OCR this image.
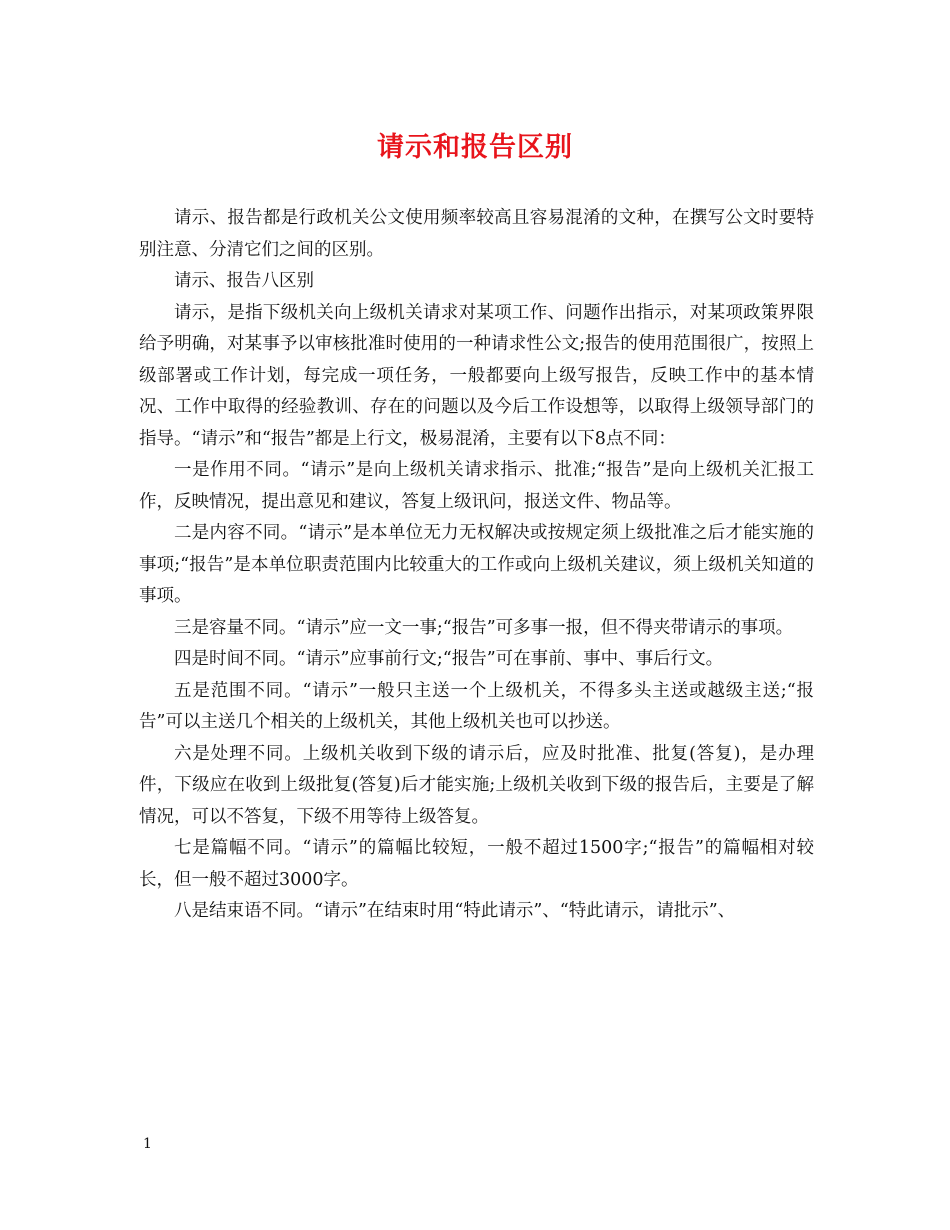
请示和报告区别

请示、报告都是行政机关公文使用频率较高且容易混淆的文种，在撰写公文时要特别注意、分清它们之间的区别。

请示、报告八区别

请示，是指下级机关向上级机关请求对某项工作、问题作出指示，对某项政策界限给予明确，对某事予以审核批准时使用的一种请求性公文;报告的使用范围很广，按照上级部署或工作计划，每完成一项任务，一般都要向上级写报告，反映工作中的基本情况、工作中取得的经验教训、存在的问题以及今后工作设想等，以取得上级领导部门的指导。“请示”和“报告”都是上行文，极易混淆，主要有以下8点不同：

一是作用不同。“请示”是向上级机关请求指示、批准;“报告”是向上级机关汇报工作，反映情况，提出意见和建议，答复上级讯问，报送文件、物品等。

二是内容不同。“请示”是本单位无力无权解决或按规定须上级批准之后才能实施的事项;“报告”是本单位职责范围内比较重大的工作或向上级机关建议，须上级机关知道的事项。

三是容量不同。“请示”应一文一事;“报告”可多事一报，但不得夹带请示的事项。

四是时间不同。“请示”应事前行文;“报告”可在事前、事中、事后行文。

五是范围不同。“请示”一般只主送一个上级机关，不得多头主送或越级主送;“报告”可以主送几个相关的上级机关，其他上级机关也可以抄送。

六是处理不同。上级机关收到下级的请示后，应及时批准、批复(答复)，是办理件，下级应在收到上级批复(答复)后才能实施;上级机关收到下级的报告后，主要是了解情况，可以不答复，下级不用等待上级答复。

七是篇幅不同。“请示”的篇幅比较短，一般不超过1500字;“报告”的篇幅相对较长，但一般不超过3000字。

八是结束语不同。“请示”在结束时用“特此请示”、“特此请示，请批示”、

1
